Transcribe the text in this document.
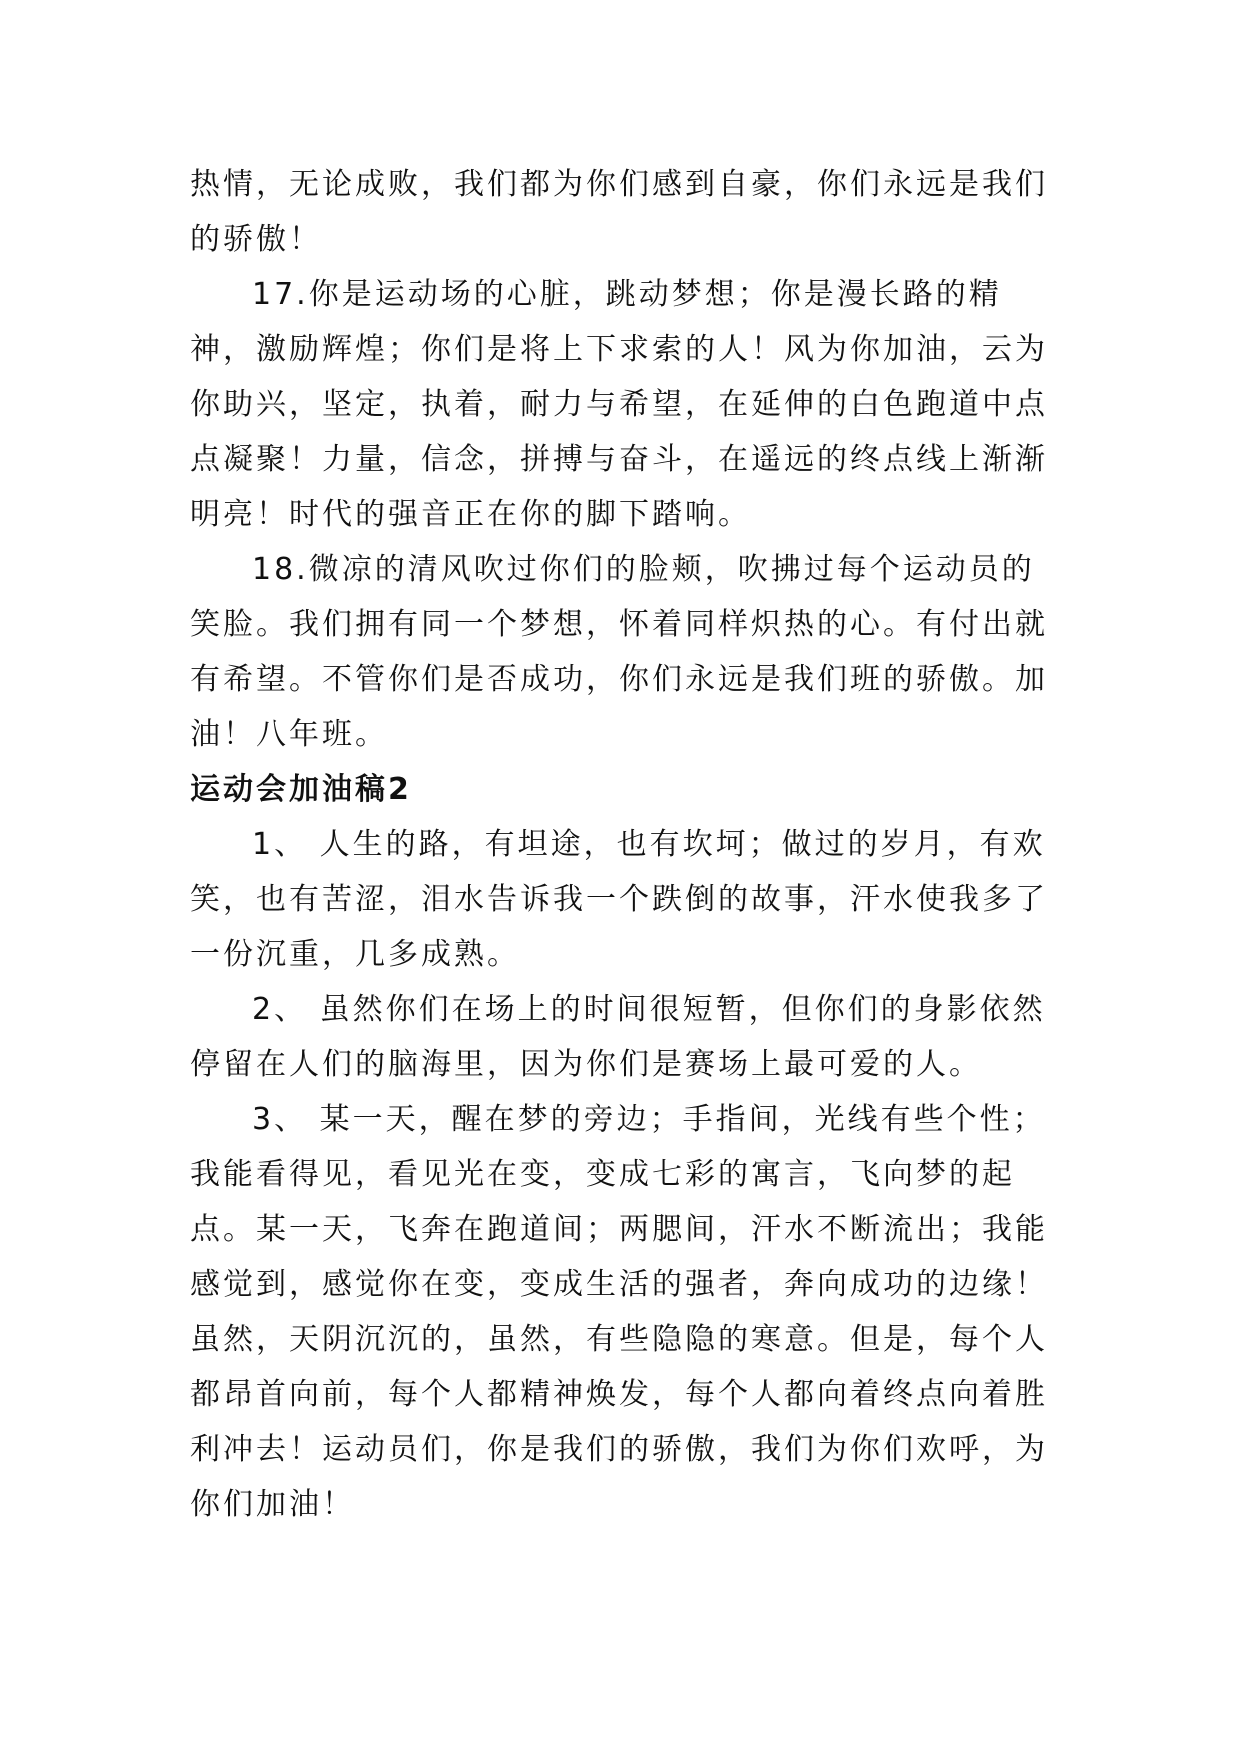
热情，无论成败，我们都为你们感到自豪，你们永远是我们的骄傲！

17.你是运动场的心脏，跳动梦想；你是漫长路的精神，激励辉煌；你们是将上下求索的人！风为你加油，云为你助兴，坚定，执着，耐力与希望，在延伸的白色跑道中点点凝聚！力量，信念，拼搏与奋斗，在遥远的终点线上渐渐明亮！时代的强音正在你的脚下踏响。

18.微凉的清风吹过你们的脸颊，吹拂过每个运动员的笑脸。我们拥有同一个梦想，怀着同样炽热的心。有付出就有希望。不管你们是否成功，你们永远是我们班的骄傲。加油！八年班。

运动会加油稿2

1、 人生的路，有坦途，也有坎坷；做过的岁月，有欢笑，也有苦涩，泪水告诉我一个跌倒的故事，汗水使我多了一份沉重，几多成熟。

2、 虽然你们在场上的时间很短暂，但你们的身影依然停留在人们的脑海里，因为你们是赛场上最可爱的人。

3、 某一天，醒在梦的旁边；手指间，光线有些个性；我能看得见，看见光在变，变成七彩的寓言，飞向梦的起点。某一天，飞奔在跑道间；两腮间，汗水不断流出；我能感觉到，感觉你在变，变成生活的强者，奔向成功的边缘！虽然，天阴沉沉的，虽然，有些隐隐的寒意。但是，每个人都昂首向前，每个人都精神焕发，每个人都向着终点向着胜利冲去！运动员们，你是我们的骄傲，我们为你们欢呼，为你们加油！
